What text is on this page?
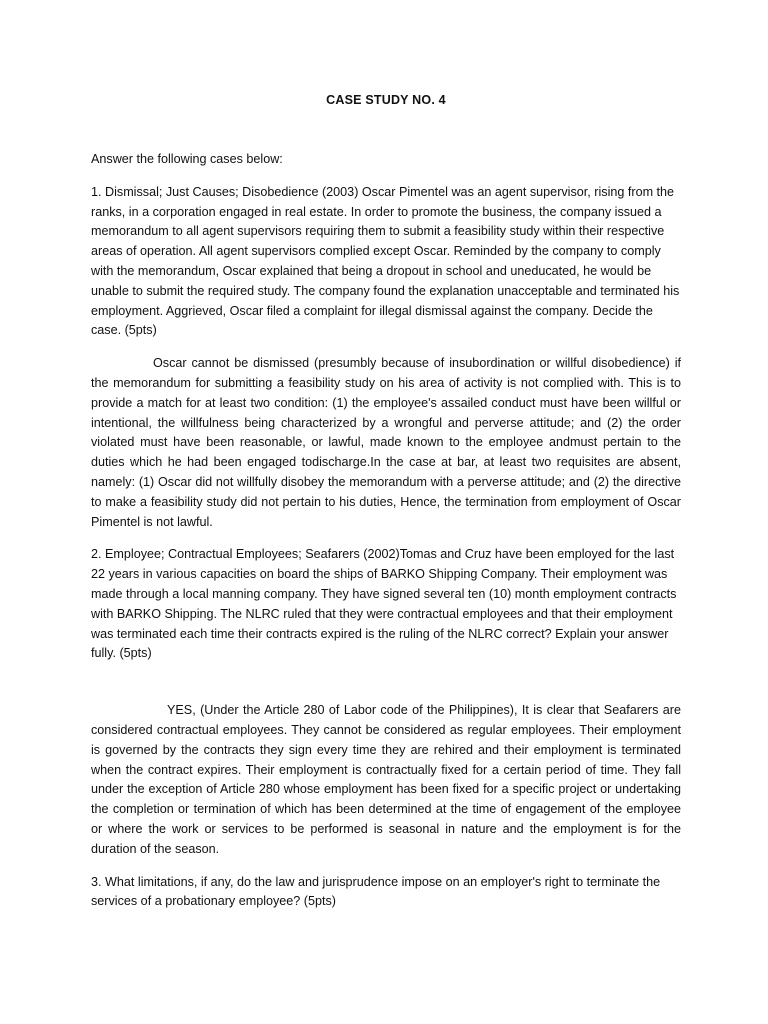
CASE STUDY NO. 4

Answer the following cases below:

1. Dismissal; Just Causes; Disobedience (2003) Oscar Pimentel was an agent supervisor, rising from the ranks, in a corporation engaged in real estate. In order to promote the business, the company issued a memorandum to all agent supervisors requiring them to submit a feasibility study within their respective areas of operation. All agent supervisors complied except Oscar. Reminded by the company to comply with the memorandum, Oscar explained that being a dropout in school and uneducated, he would be unable to submit the required study. The company found the explanation unacceptable and terminated his employment. Aggrieved, Oscar filed a complaint for illegal dismissal against the company. Decide the case. (5pts)

Oscar cannot be dismissed (presumbly because of insubordination or willful disobedience) if the memorandum for submitting a feasibility study on his area of activity is not complied with. This is to provide a match for at least two condition: (1) the employee's assailed conduct must have been willful or intentional, the willfulness being characterized by a wrongful and perverse attitude; and (2) the order violated must have been reasonable, or lawful, made known to the employee andmust pertain to the duties which he had been engaged todischarge.In the case at bar, at least two requisites are absent, namely: (1) Oscar did not willfully disobey the memorandum with a perverse attitude; and (2) the directive to make a feasibility study did not pertain to his duties, Hence, the termination from employment of Oscar Pimentel is not lawful.

2. Employee; Contractual Employees; Seafarers (2002)Tomas and Cruz have been employed for the last 22 years in various capacities on board the ships of BARKO Shipping Company. Their employment was made through a local manning company. They have signed several ten (10) month employment contracts with BARKO Shipping. The NLRC ruled that they were contractual employees and that their employment was terminated each time their contracts expired is the ruling of the NLRC correct? Explain your answer fully. (5pts)

YES, (Under the Article 280 of Labor code of the Philippines), It is clear that Seafarers are considered contractual employees. They cannot be considered as regular employees. Their employment is governed by the contracts they sign every time they are rehired and their employment is terminated when the contract expires. Their employment is contractually fixed for a certain period of time. They fall under the exception of Article 280 whose employment has been fixed for a specific project or undertaking the completion or termination of which has been determined at the time of engagement of the employee or where the work or services to be performed is seasonal in nature and the employment is for the duration of the season.

3. What limitations, if any, do the law and jurisprudence impose on an employer's right to terminate the services of a probationary employee? (5pts)
